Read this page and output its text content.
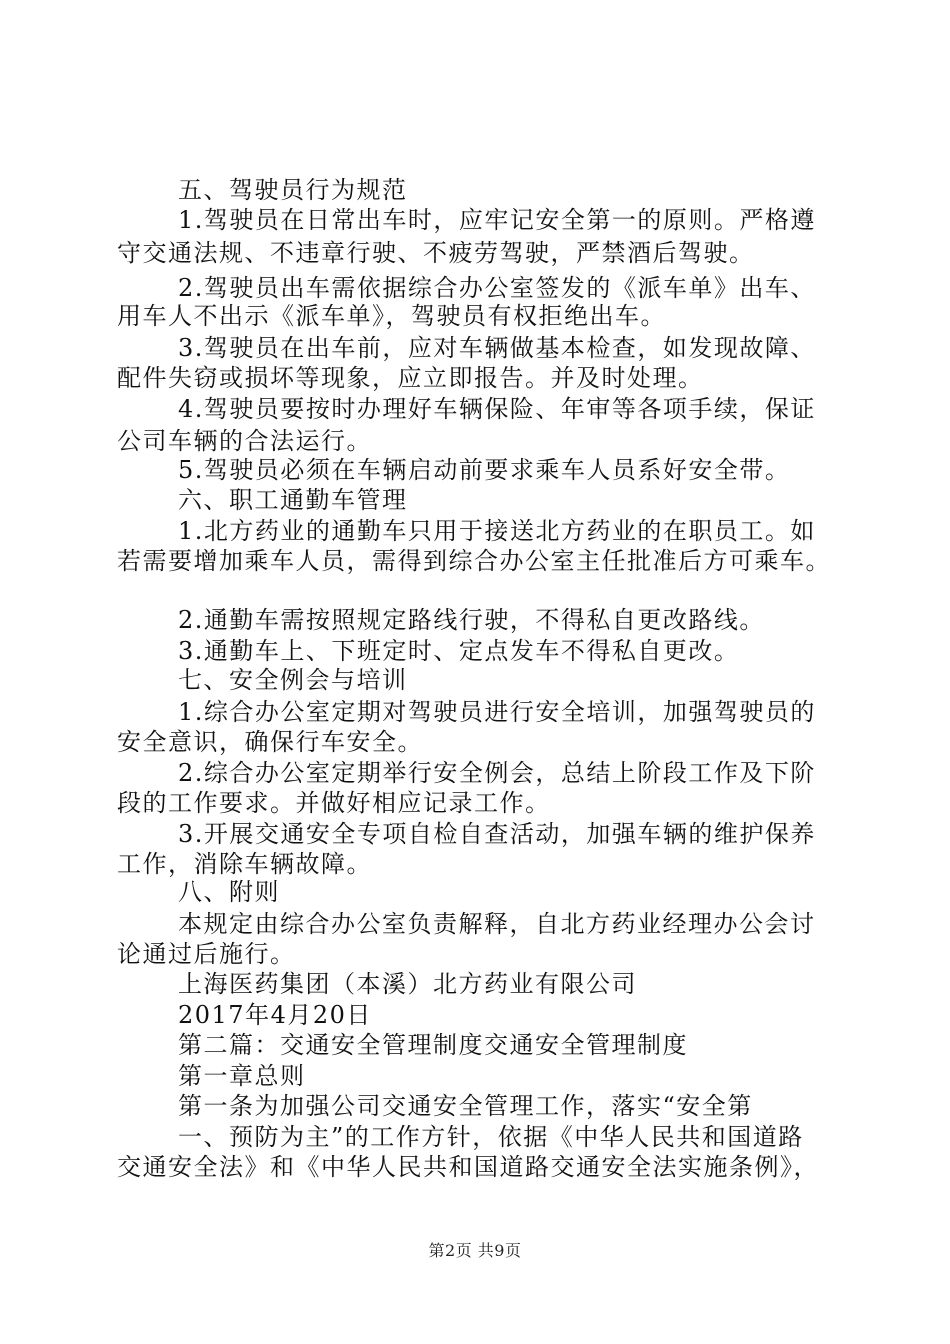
五、驾驶员行为规范
1.驾驶员在日常出车时，应牢记安全第一的原则。严格遵
守交通法规、不违章行驶、不疲劳驾驶，严禁酒后驾驶。
2.驾驶员出车需依据综合办公室签发的《派车单》出车、
用车人不出示《派车单》，驾驶员有权拒绝出车。
3.驾驶员在出车前，应对车辆做基本检查，如发现故障、
配件失窃或损坏等现象，应立即报告。并及时处理。
4.驾驶员要按时办理好车辆保险、年审等各项手续，保证
公司车辆的合法运行。
5.驾驶员必须在车辆启动前要求乘车人员系好安全带。
六、职工通勤车管理
1.北方药业的通勤车只用于接送北方药业的在职员工。如
若需要增加乘车人员，需得到综合办公室主任批准后方可乘车。
2.通勤车需按照规定路线行驶，不得私自更改路线。
3.通勤车上、下班定时、定点发车不得私自更改。
七、安全例会与培训
1.综合办公室定期对驾驶员进行安全培训，加强驾驶员的
安全意识，确保行车安全。
2.综合办公室定期举行安全例会，总结上阶段工作及下阶
段的工作要求。并做好相应记录工作。
3.开展交通安全专项自检自查活动，加强车辆的维护保养
工作，消除车辆故障。
八、附则
本规定由综合办公室负责解释，自北方药业经理办公会讨
论通过后施行。
上海医药集团（本溪）北方药业有限公司
2017年4月20日
第二篇：交通安全管理制度交通安全管理制度
第一章总则
第一条为加强公司交通安全管理工作，落实“安全第
一、预防为主”的工作方针，依据《中华人民共和国道路
交通安全法》和《中华人民共和国道路交通安全法实施条例》，
第2页 共9页
